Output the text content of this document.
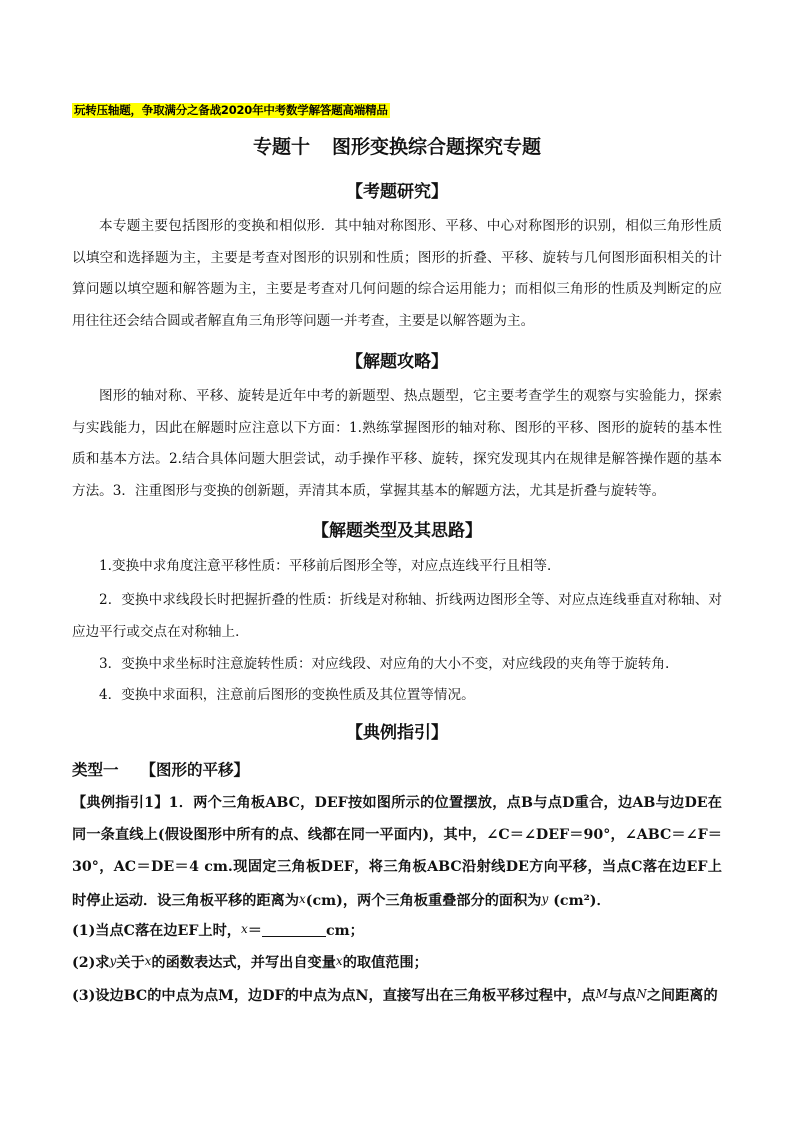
玩转压轴题，争取满分之备战2020年中考数学解答题高端精品
专题十 图形变换综合题探究专题
【考题研究】
本专题主要包括图形的变换和相似形．其中轴对称图形、平移、中心对称图形的识别，相似三角形性质以填空和选择题为主，主要是考查对图形的识别和性质；图形的折叠、平移、旋转与几何图形面积相关的计算问题以填空题和解答题为主，主要是考查对几何问题的综合运用能力；而相似三角形的性质及判断定的应用往往还会结合圆或者解直角三角形等问题一并考查，主要是以解答题为主。
【解题攻略】
图形的轴对称、平移、旋转是近年中考的新题型、热点题型，它主要考查学生的观察与实验能力，探索与实践能力，因此在解题时应注意以下方面：1.熟练掌握图形的轴对称、图形的平移、图形的旋转的基本性质和基本方法。2.结合具体问题大胆尝试，动手操作平移、旋转，探究发现其内在规律是解答操作题的基本方法。3．注重图形与变换的创新题，弄清其本质，掌握其基本的解题方法，尤其是折叠与旋转等。
【解题类型及其思路】
1.变换中求角度注意平移性质：平移前后图形全等，对应点连线平行且相等．
2．变换中求线段长时把握折叠的性质：折线是对称轴、折线两边图形全等、对应点连线垂直对称轴、对应边平行或交点在对称轴上．
3．变换中求坐标时注意旋转性质：对应线段、对应角的大小不变，对应线段的夹角等于旋转角.
4．变换中求面积，注意前后图形的变换性质及其位置等情况。
【典例指引】
类型一 【图形的平移】
【典例指引1】1．两个三角板ABC，DEF按如图所示的位置摆放，点B与点D重合，边AB与边DE在同一条直线上(假设图形中所有的点、线都在同一平面内)，其中，∠C＝∠DEF＝90°，∠ABC＝∠F＝30°，AC＝DE＝4 cm.现固定三角板DEF，将三角板ABC沿射线DE方向平移，当点C落在边EF上时停止运动．设三角板平移的距离为x(cm)，两个三角板重叠部分的面积为y (cm²)．
(1)当点C落在边EF上时，x＝	cm；
(2)求y关于x的函数表达式，并写出自变量x的取值范围；
(3)设边BC的中点为点M，边DF的中点为点N，直接写出在三角板平移过程中，点M与点N之间距离的
